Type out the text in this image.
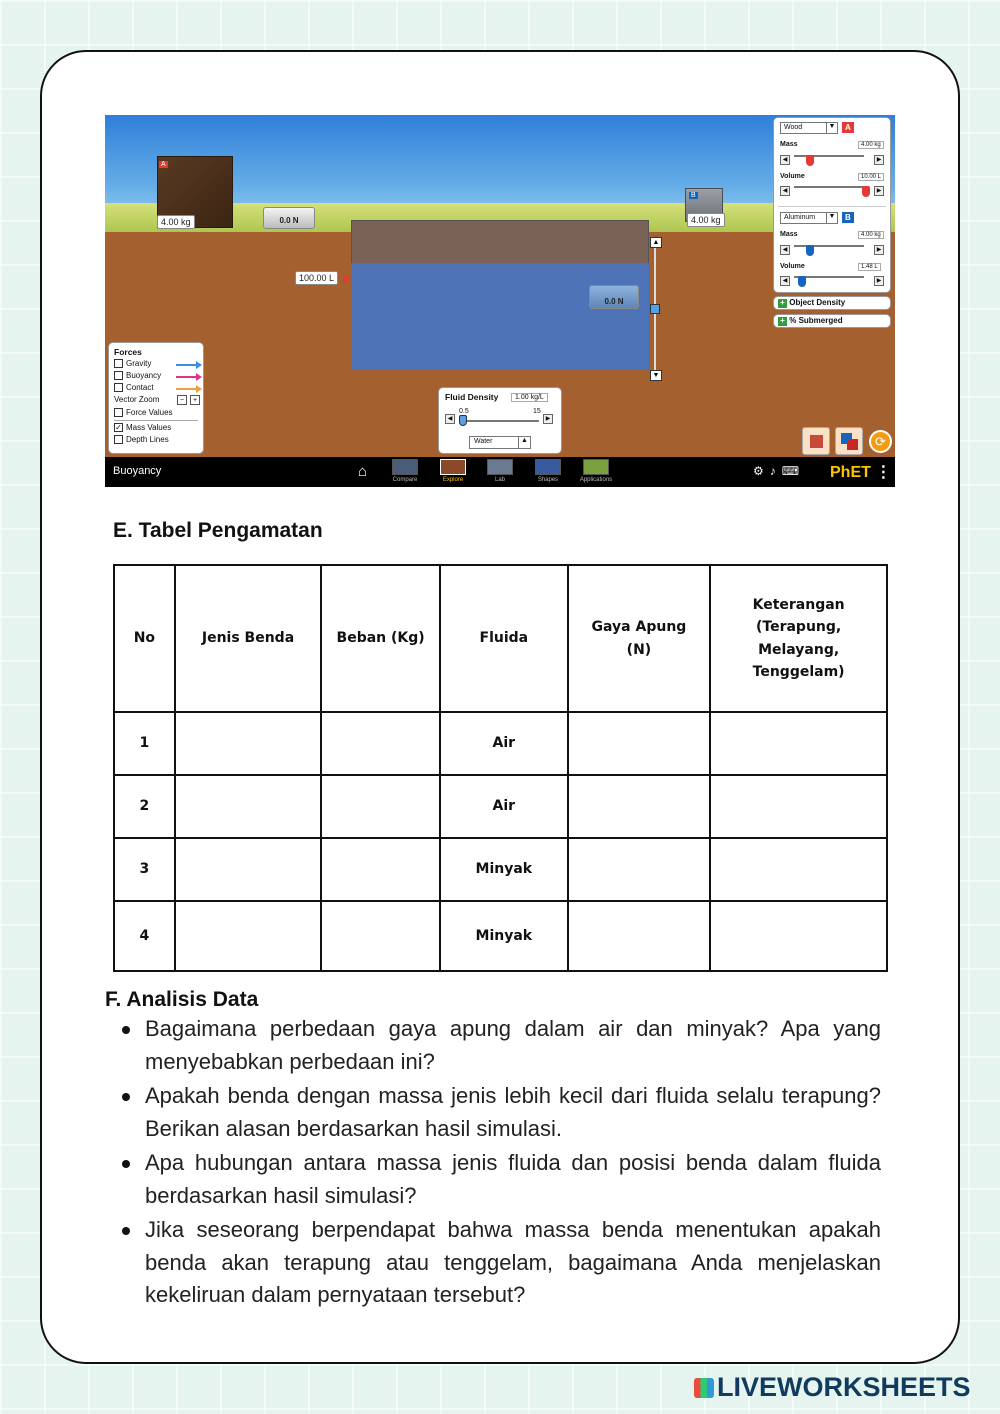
A
4.00 kg	0.0 N
B
4.00 kg
100.00 L
0.0 N
▲
▼
Forces
Gravity
Buoyancy
Contact
Vector Zoom	−	+
Force Values
✓ Mass Values
Depth Lines
Fluid Density	1.00 kg/L
0.5	15
◀	▶
Water	▲
Wood	▼	A
Mass	4.00 kg
◀	▶
Volume	10.00 L
◀	▶
Aluminum	▼	B
Mass	4.00 kg
◀	▶
Volume	1.48 L
◀	▶
+ Object Density
+ % Submerged
⟳
Buoyancy	⌂	Compare	Explore	Lab	Shapes	Applications
⚙♪⌨ PhET ⋮
E. Tabel Pengamatan
No	Jenis Benda	Beban (Kg)	Fluida	Gaya Apung (N)	Keterangan (Terapung, Melayang, Tenggelam)
1			Air		
2			Air		
3			Minyak		
4			Minyak		
F. Analisis Data
Bagaimana perbedaan gaya apung dalam air dan minyak? Apa yang menyebabkan perbedaan ini?
Apakah benda dengan massa jenis lebih kecil dari fluida selalu terapung? Berikan alasan berdasarkan hasil simulasi.
Apa hubungan antara massa jenis fluida dan posisi benda dalam fluida berdasarkan hasil simulasi?
Jika seseorang berpendapat bahwa massa benda menentukan apakah benda akan terapung atau tenggelam, bagaimana Anda menjelaskan kekeliruan dalam pernyataan tersebut?
LIVEWORKSHEETS
